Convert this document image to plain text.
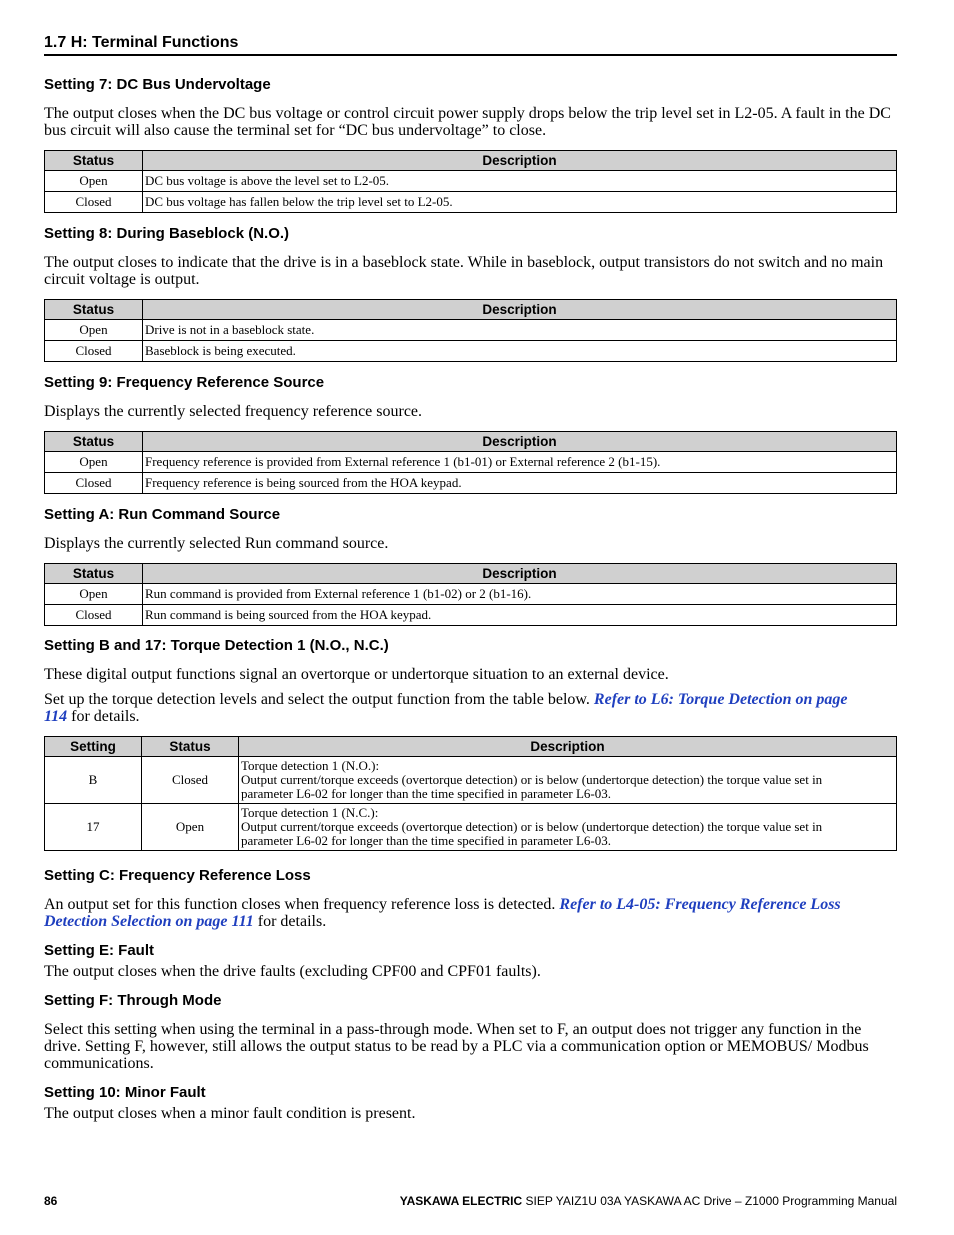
1.7 H: Terminal Functions
Setting 7: DC Bus Undervoltage
The output closes when the DC bus voltage or control circuit power supply drops below the trip level set in L2-05. A fault in the DC bus circuit will also cause the terminal set for “DC bus undervoltage” to close.
Status	Description
Open	DC bus voltage is above the level set to L2-05.
Closed	DC bus voltage has fallen below the trip level set to L2-05.
Setting 8: During Baseblock (N.O.)
The output closes to indicate that the drive is in a baseblock state. While in baseblock, output transistors do not switch and no main circuit voltage is output.
Status	Description
Open	Drive is not in a baseblock state.
Closed	Baseblock is being executed.
Setting 9: Frequency Reference Source
Displays the currently selected frequency reference source.
Status	Description
Open	Frequency reference is provided from External reference 1 (b1-01) or External reference 2 (b1-15).
Closed	Frequency reference is being sourced from the HOA keypad.
Setting A: Run Command Source
Displays the currently selected Run command source.
Status	Description
Open	Run command is provided from External reference 1 (b1-02) or 2 (b1-16).
Closed	Run command is being sourced from the HOA keypad.
Setting B and 17: Torque Detection 1 (N.O., N.C.)
These digital output functions signal an overtorque or undertorque situation to an external device.
Set up the torque detection levels and select the output function from the table below. Refer to L6: Torque Detection on page
114 for details.
Setting	Status	Description
B	Closed	Torque detection 1 (N.O.):
Output current/torque exceeds (overtorque detection) or is below (undertorque detection) the torque value set in
parameter L6-02 for longer than the time specified in parameter L6-03.

17	Open	Torque detection 1 (N.C.):
Output current/torque exceeds (overtorque detection) or is below (undertorque detection) the torque value set in
parameter L6-02 for longer than the time specified in parameter L6-03.
Setting C: Frequency Reference Loss
An output set for this function closes when frequency reference loss is detected. Refer to L4-05: Frequency Reference Loss
Detection Selection on page 111 for details.
Setting E: Fault
The output closes when the drive faults (excluding CPF00 and CPF01 faults).
Setting F: Through Mode
Select this setting when using the terminal in a pass-through mode. When set to F, an output does not trigger any function in the drive. Setting F, however, still allows the output status to be read by a PLC via a communication option or MEMOBUS/ Modbus communications.
Setting 10: Minor Fault
The output closes when a minor fault condition is present.
86	YASKAWA ELECTRIC SIEP YAIZ1U 03A YASKAWA AC Drive – Z1000 Programming Manual
